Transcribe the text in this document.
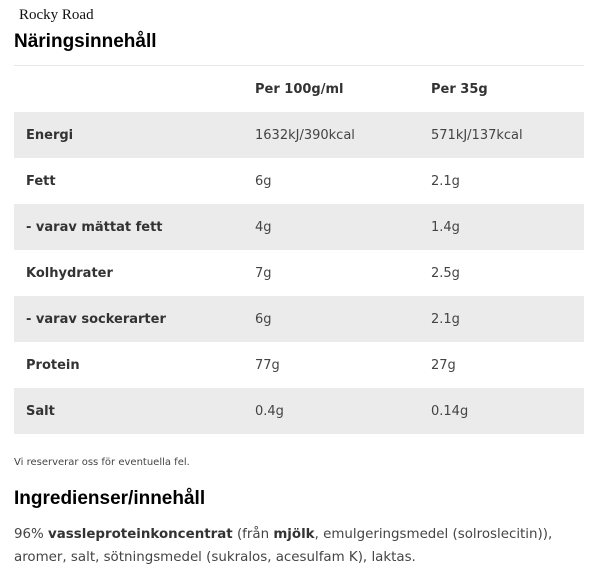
Rocky Road
Näringsinnehåll
	Per 100g/ml	Per 35g
Energi	1632kJ/390kcal	571kJ/137kcal
Fett	6g	2.1g
- varav mättat fett	4g	1.4g
Kolhydrater	7g	2.5g
- varav sockerarter	6g	2.1g
Protein	77g	27g
Salt	0.4g	0.14g
Vi reserverar oss för eventuella fel.
Ingredienser/innehåll

96% vassleproteinkoncentrat (från mjölk, emulgeringsmedel (solroslecitin)), aromer, salt, sötningsmedel (sukralos, acesulfam K), laktas.
